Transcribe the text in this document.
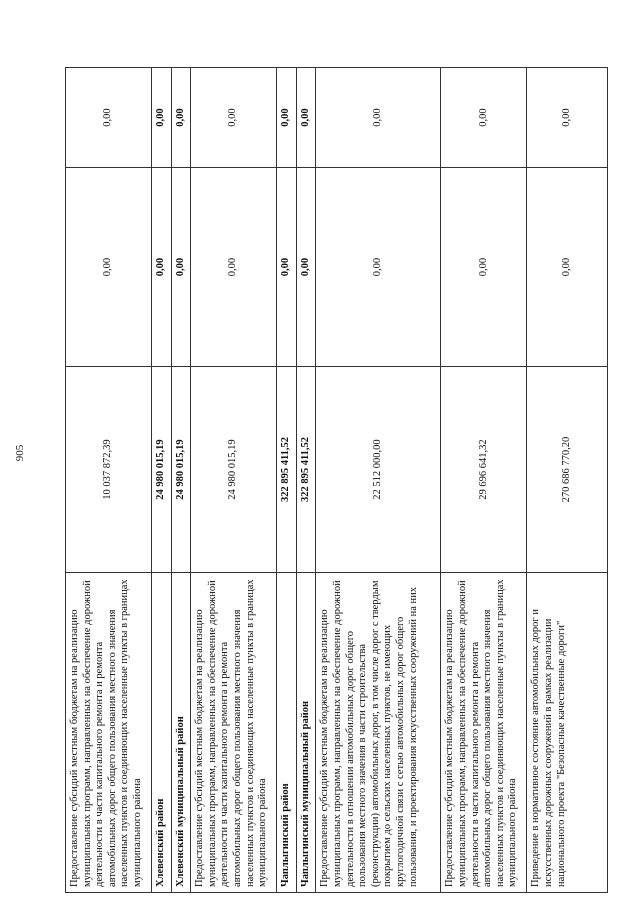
905
Предоставление субсидий местным бюджетам на реализацию муниципальных программ, направленных на обеспечение дорожной деятельности в части капитального ремонта и ремонта автомобильных дорог общего пользования местного значения населенных пунктов и соединяющих населенные пункты в границах муниципального района	10 037 872,39	0,00	0,00
Хлевенский район	24 980 015,19	0,00	0,00
Хлевенский муниципальный район	24 980 015,19	0,00	0,00
Предоставление субсидий местным бюджетам на реализацию муниципальных программ, направленных на обеспечение дорожной деятельности в части капитального ремонта и ремонта автомобильных дорог общего пользования местного значения населенных пунктов и соединяющих населенные пункты в границах муниципального района	24 980 015,19	0,00	0,00
Чаплыгинский район	322 895 411,52	0,00	0,00
Чаплыгинский муниципальный район	322 895 411,52	0,00	0,00
Предоставление субсидий местным бюджетам на реализацию муниципальных программ, направленных на обеспечение дорожной деятельности в отношении автомобильных дорог общего пользования местного значения в части строительства (реконструкции) автомобильных дорог, в том числе дорог с твердым покрытием до сельских населенных пунктов, не имеющих круглогодичной связи с сетью автомобильных дорог общего пользования, и проектирования искусственных сооружений на них	22 512 000,00	0,00	0,00
Предоставление субсидий местным бюджетам на реализацию муниципальных программ, направленных на обеспечение дорожной деятельности в части капитального ремонта и ремонта автомобильных дорог общего пользования местного значения населенных пунктов и соединяющих населенные пункты в границах муниципального района	29 696 641,32	0,00	0,00
Приведение в нормативное состояние автомобильных дорог и искусственных дорожных сооружений в рамках реализации национального проекта "Безопасные качественные дороги"	270 686 770,20	0,00	0,00
